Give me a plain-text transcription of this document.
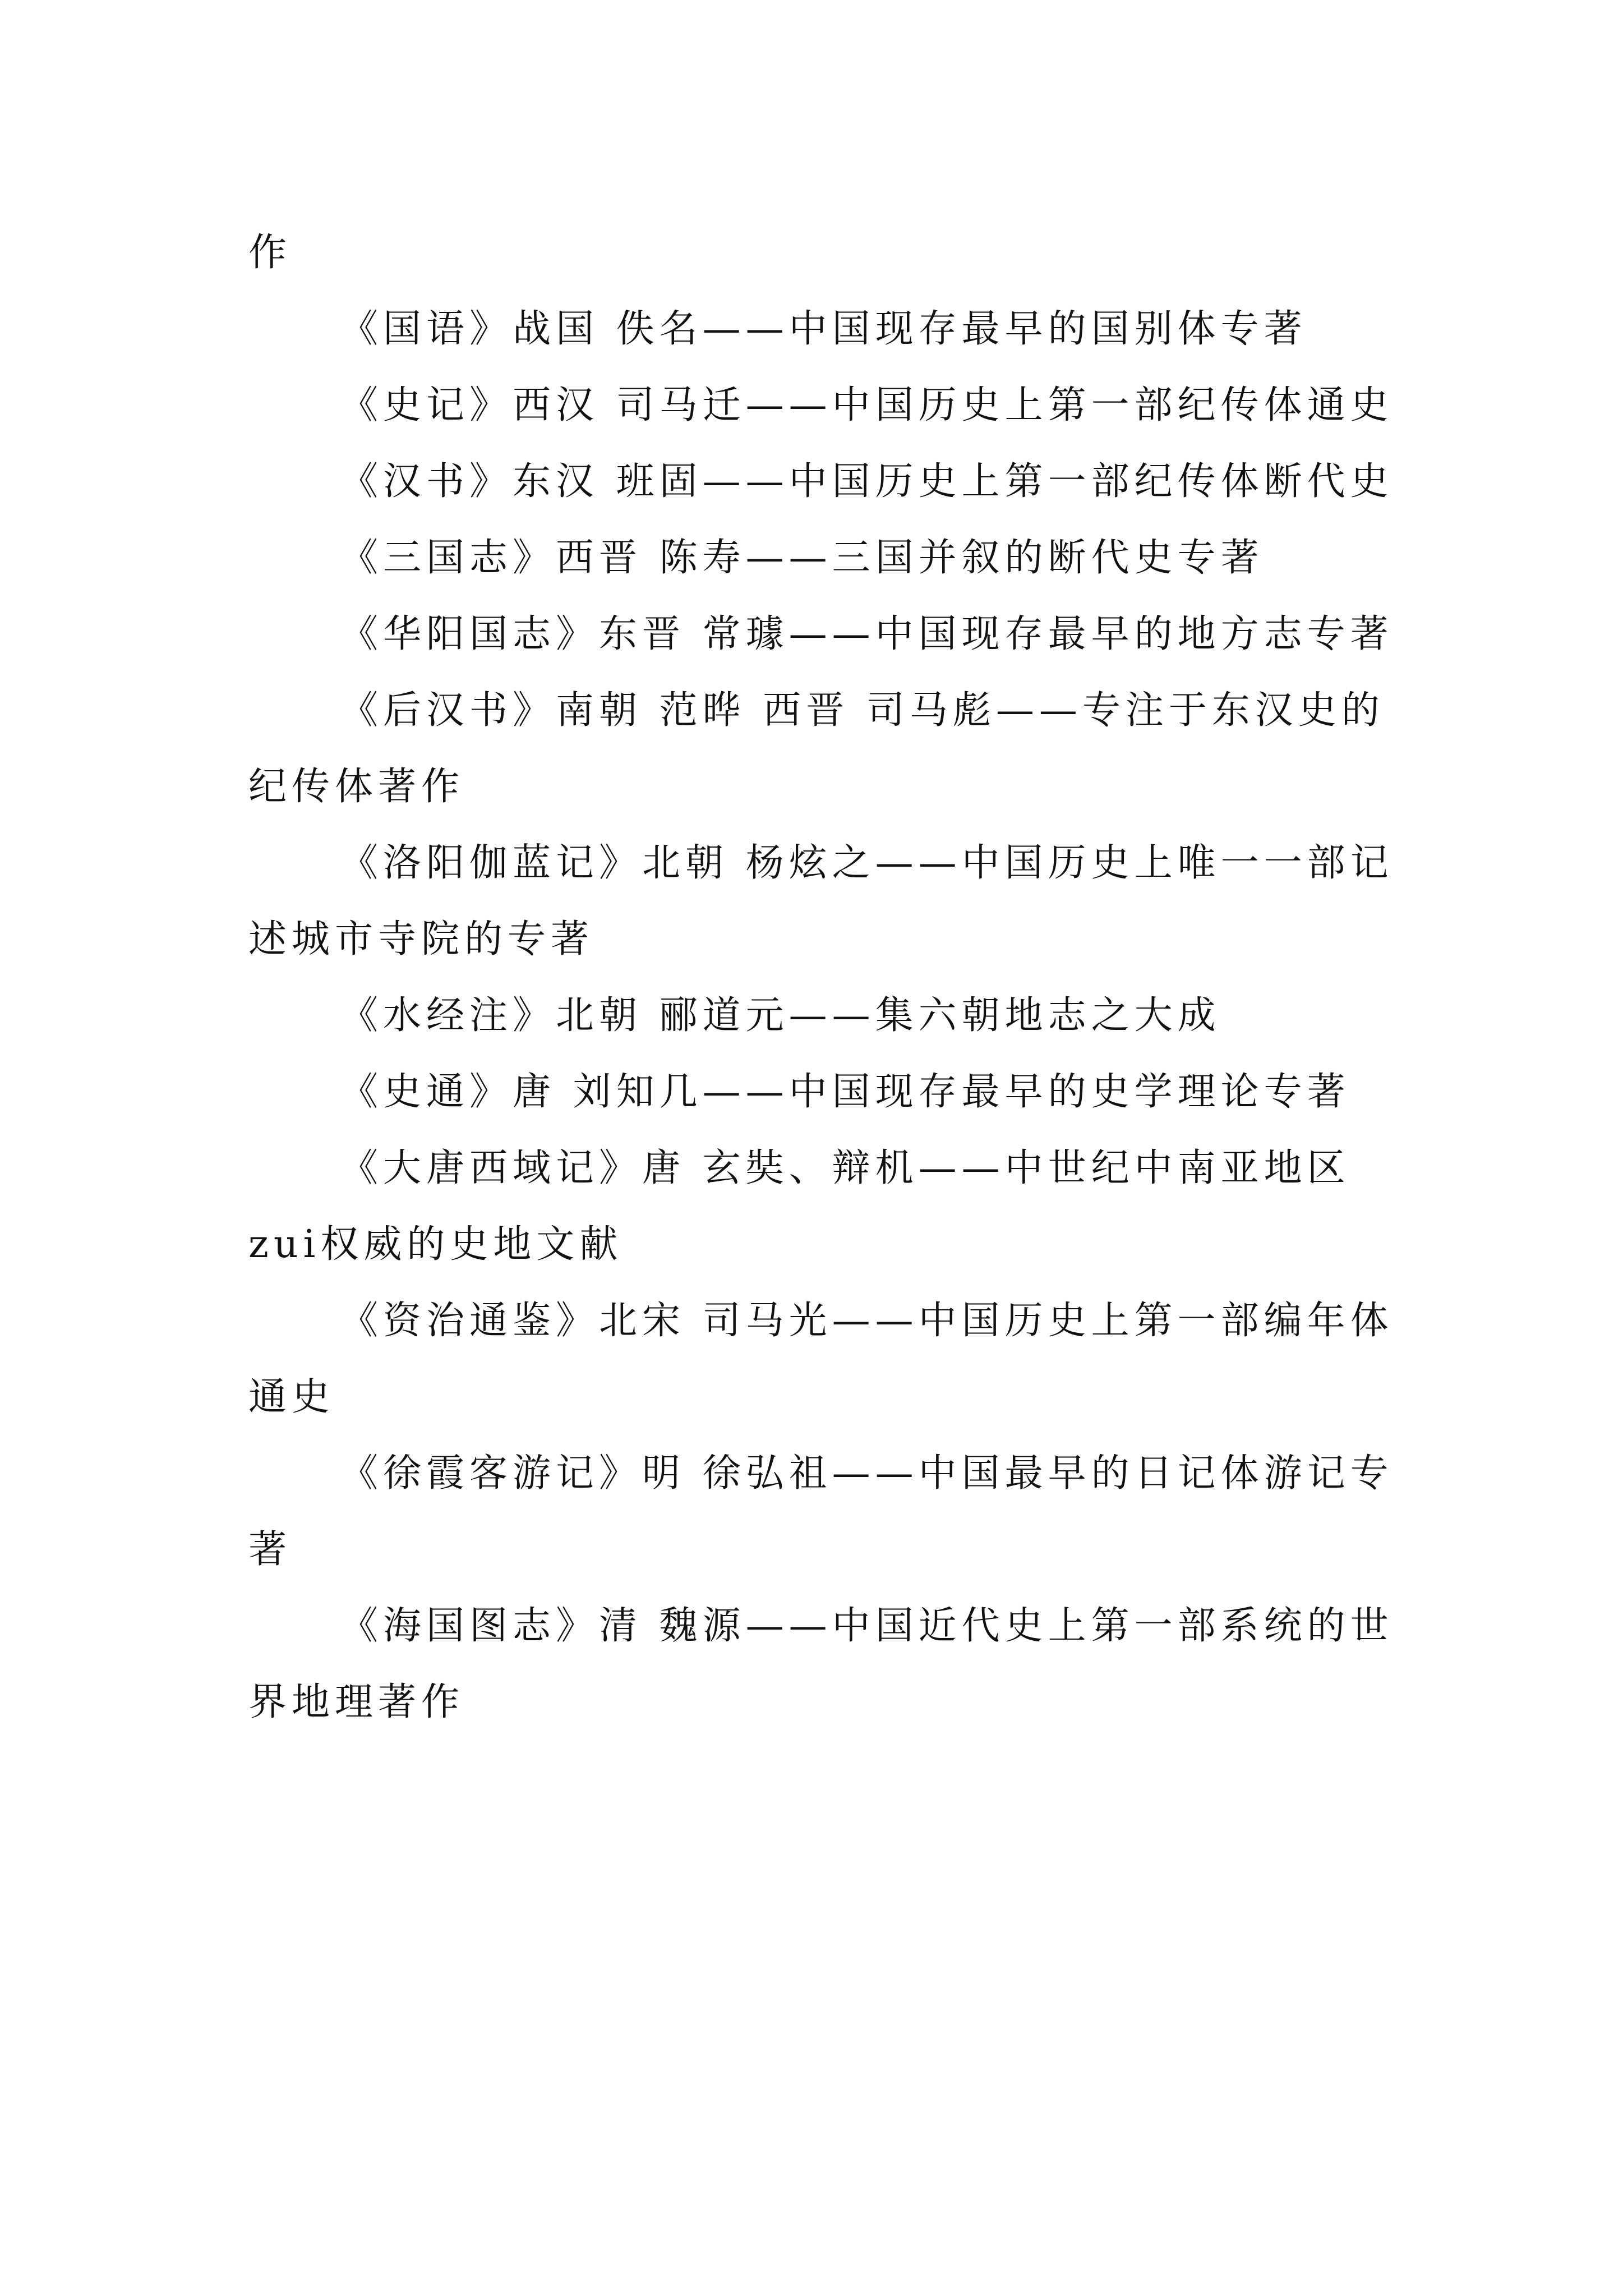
作

《国语》战国 佚名——中国现存最早的国别体专著

《史记》西汉 司马迁——中国历史上第一部纪传体通史

《汉书》东汉 班固——中国历史上第一部纪传体断代史

《三国志》西晋 陈寿——三国并叙的断代史专著

《华阳国志》东晋 常璩——中国现存最早的地方志专著

《后汉书》南朝 范晔 西晋 司马彪——专注于东汉史的纪传体著作

《洛阳伽蓝记》北朝 杨炫之——中国历史上唯一一部记述城市寺院的专著

《水经注》北朝 郦道元——集六朝地志之大成

《史通》唐 刘知几——中国现存最早的史学理论专著

《大唐西域记》唐 玄奘、辩机——中世纪中南亚地区zui权威的史地文献

《资治通鉴》北宋 司马光——中国历史上第一部编年体通史

《徐霞客游记》明 徐弘祖——中国最早的日记体游记专著

《海国图志》清 魏源——中国近代史上第一部系统的世界地理著作
